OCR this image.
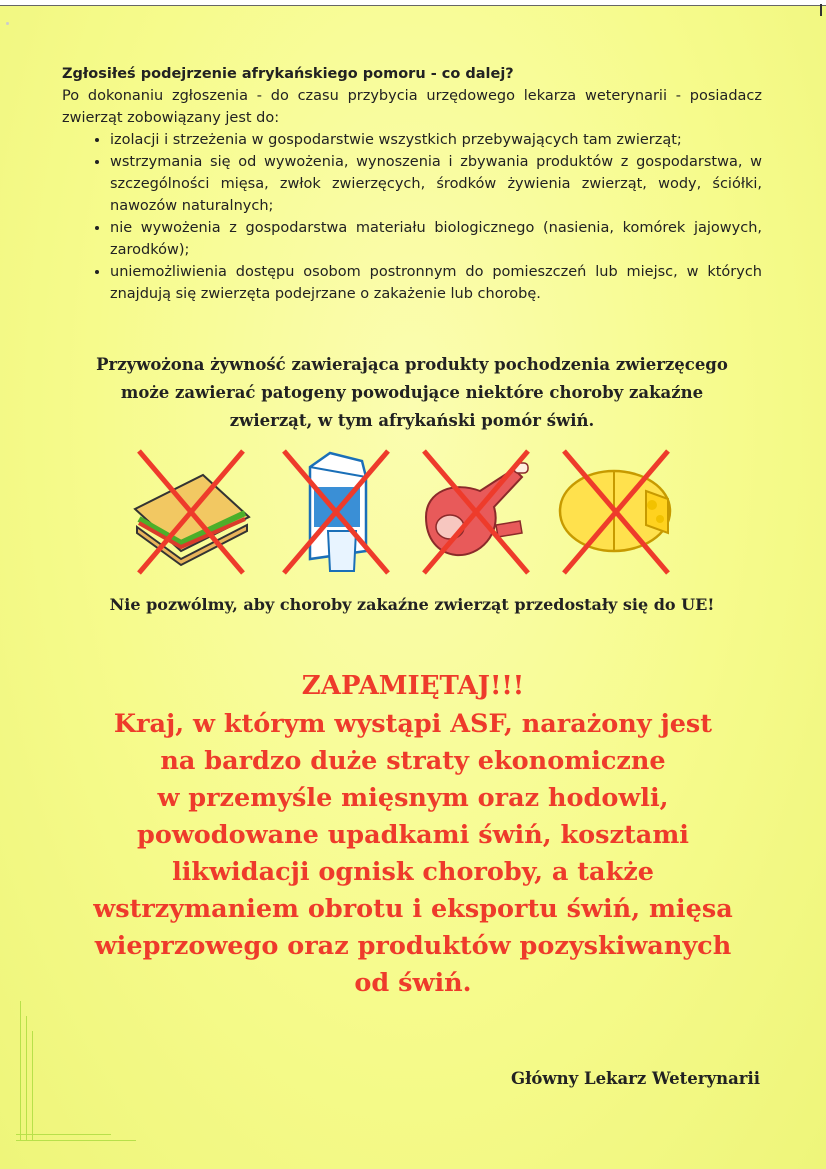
Zgłosiłeś podejrzenie afrykańskiego pomoru - co dalej?
Po dokonaniu zgłoszenia - do czasu przybycia urzędowego lekarza weterynarii - posiadacz zwierząt zobowiązany jest do:
• izolacji i strzeżenia w gospodarstwie wszystkich przebywających tam zwierząt;
• wstrzymania się od wywożenia, wynoszenia i zbywania produktów z gospodarstwa, w szczególności mięsa, zwłok zwierzęcych, środków żywienia zwierząt, wody, ściółki, nawozów naturalnych;
• nie wywożenia z gospodarstwa materiału biologicznego (nasienia, komórek jajowych, zarodków);
• uniemożliwienia dostępu osobom postronnym do pomieszczeń lub miejsc, w których znajdują się zwierzęta podejrzane o zakażenie lub chorobę.
Przywożona żywność zawierająca produkty pochodzenia zwierzęcego
może zawierać patogeny powodujące niektóre choroby zakaźne
zwierząt, w tym afrykański pomór świń.
Nie pozwólmy, aby choroby zakaźne zwierząt przedostały się do UE!
ZAPAMIĘTAJ!!!
Kraj, w którym wystąpi ASF, narażony jest
na bardzo duże straty ekonomiczne
w przemyśle mięsnym oraz hodowli,
powodowane upadkami świń, kosztami
likwidacji ognisk choroby, a także
wstrzymaniem obrotu i eksportu świń, mięsa
wieprzowego oraz produktów pozyskiwanych
od świń.
Główny Lekarz Weterynarii
